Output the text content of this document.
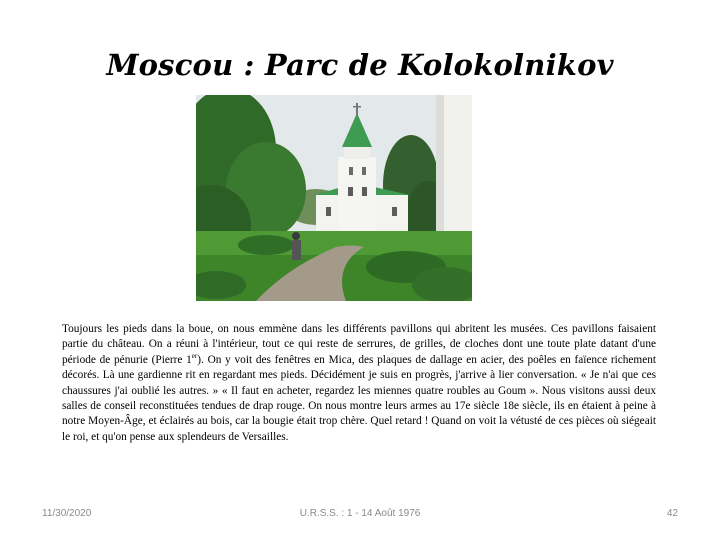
Moscou : Parc de Kolokolnikov
Toujours les pieds dans la boue, on nous emmène dans les différents pavillons qui abritent les musées. Ces pavillons faisaient partie du château. On a réuni à l'intérieur, tout ce qui reste de serrures, de grilles, de cloches dont une toute plate datant d'une période de pénurie (Pierre 1er). On y voit des fenêtres en Mica, des plaques de dallage en acier, des poêles en faïence richement décorés. Là une gardienne rit en regardant mes pieds. Décidément je suis en progrès, j'arrive à lier conversation. « Je n'ai que ces chaussures j'ai oublié les autres. » « Il faut en acheter, regardez les miennes quatre roubles au Goum ». Nous visitons aussi deux salles de conseil reconstituées tendues de drap rouge. On nous montre leurs armes au 17e siècle 18e siècle, ils en étaient à peine à notre Moyen-Âge, et éclairés au bois, car la bougie était trop chère. Quel retard ! Quand on voit la vétusté de ces pièces où siégeait le roi, et qu'on pense aux splendeurs de Versailles.
11/30/2020	U.R.S.S. : 1 - 14 Août 1976	42
